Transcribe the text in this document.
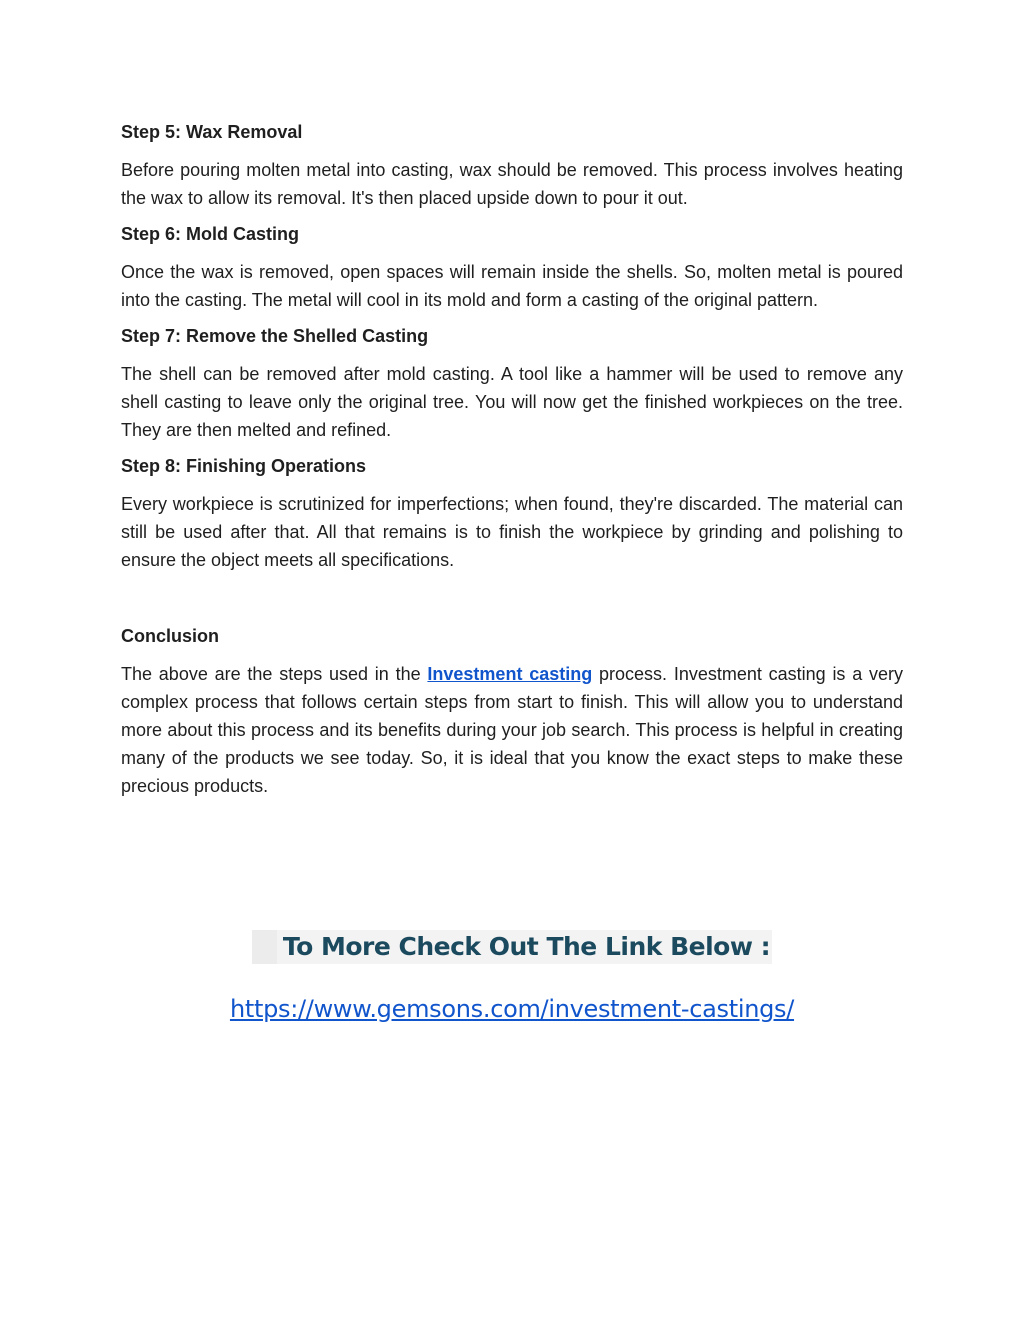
Step 5: Wax Removal

Before pouring molten metal into casting, wax should be removed. This process involves heating the wax to allow its removal. It's then placed upside down to pour it out.

Step 6: Mold Casting

Once the wax is removed, open spaces will remain inside the shells. So, molten metal is poured into the casting. The metal will cool in its mold and form a casting of the original pattern.

Step 7: Remove the Shelled Casting

The shell can be removed after mold casting. A tool like a hammer will be used to remove any shell casting to leave only the original tree. You will now get the finished workpieces on the tree. They are then melted and refined.

Step 8: Finishing Operations

Every workpiece is scrutinized for imperfections; when found, they're discarded. The material can still be used after that. All that remains is to finish the workpiece by grinding and polishing to ensure the object meets all specifications.

Conclusion

The above are the steps used in the Investment casting process. Investment casting is a very complex process that follows certain steps from start to finish. This will allow you to understand more about this process and its benefits during your job search. This process is helpful in creating many of the products we see today. So, it is ideal that you know the exact steps to make these precious products.

To More Check Out The Link Below :
https://www.gemsons.com/investment-castings/
